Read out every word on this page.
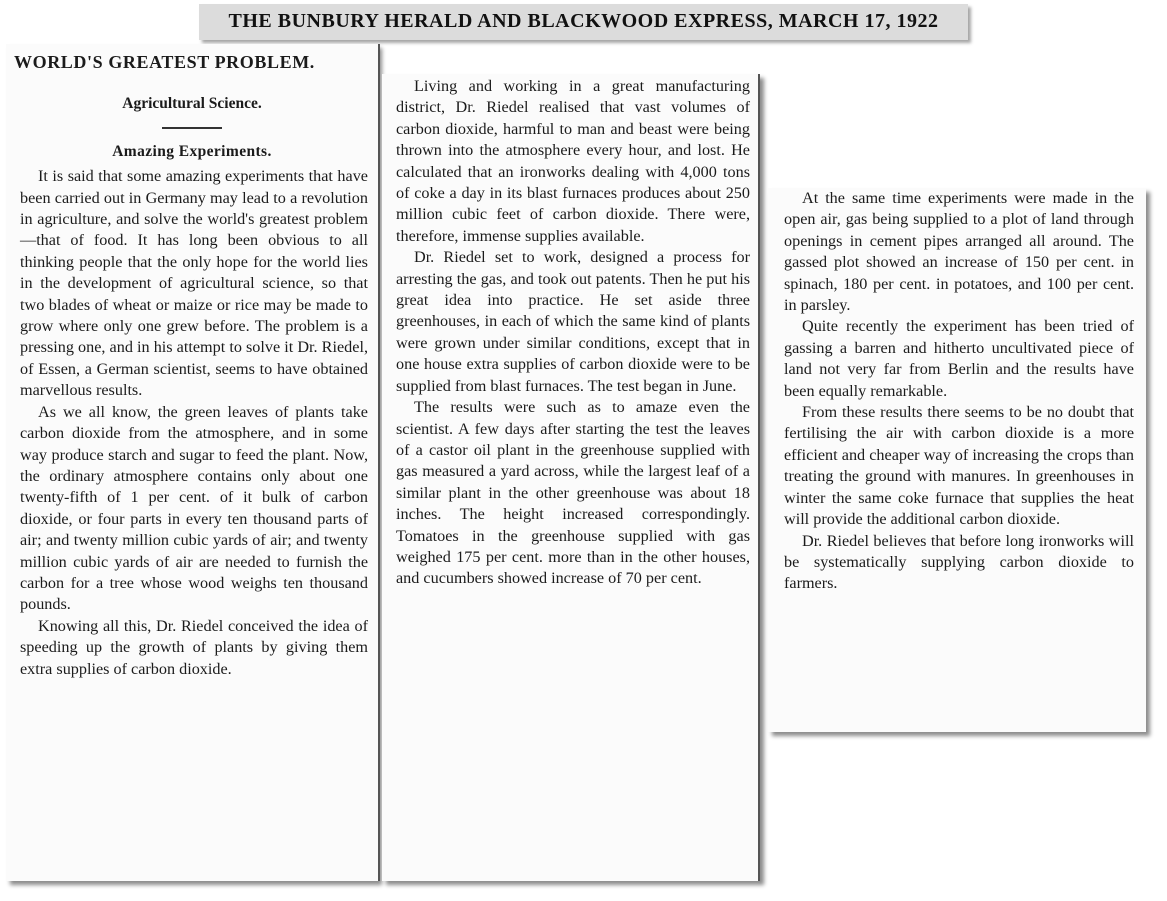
THE BUNBURY HERALD AND BLACKWOOD EXPRESS, MARCH 17, 1922
WORLD'S GREATEST PROBLEM.
Agricultural Science.
Amazing Experiments.

It is said that some amazing experiments that have been carried out in Germany may lead to a revolution in agriculture, and solve the world's greatest problem—that of food. It has long been obvious to all thinking people that the only hope for the world lies in the development of agricultural science, so that two blades of wheat or maize or rice may be made to grow where only one grew before. The problem is a pressing one, and in his attempt to solve it Dr. Riedel, of Essen, a German scientist, seems to have obtained marvellous results.

As we all know, the green leaves of plants take carbon dioxide from the atmosphere, and in some way produce starch and sugar to feed the plant. Now, the ordinary atmosphere contains only about one twenty-fifth of 1 per cent. of it bulk of carbon dioxide, or four parts in every ten thousand parts of air; and twenty million cubic yards of air; and twenty million cubic yards of air are needed to furnish the carbon for a tree whose wood weighs ten thousand pounds.

Knowing all this, Dr. Riedel conceived the idea of speeding up the growth of plants by giving them extra supplies of carbon dioxide.

Living and working in a great manufacturing district, Dr. Riedel realised that vast volumes of carbon dioxide, harmful to man and beast were being thrown into the atmosphere every hour, and lost. He calculated that an ironworks dealing with 4,000 tons of coke a day in its blast furnaces produces about 250 million cubic feet of carbon dioxide. There were, therefore, immense supplies available.

Dr. Riedel set to work, designed a process for arresting the gas, and took out patents. Then he put his great idea into practice. He set aside three greenhouses, in each of which the same kind of plants were grown under similar conditions, except that in one house extra supplies of carbon dioxide were to be supplied from blast furnaces. The test began in June.

The results were such as to amaze even the scientist. A few days after starting the test the leaves of a castor oil plant in the greenhouse supplied with gas measured a yard across, while the largest leaf of a similar plant in the other greenhouse was about 18 inches. The height increased correspondingly. Tomatoes in the greenhouse supplied with gas weighed 175 per cent. more than in the other houses, and cucumbers showed increase of 70 per cent.

At the same time experiments were made in the open air, gas being supplied to a plot of land through openings in cement pipes arranged all around. The gassed plot showed an increase of 150 per cent. in spinach, 180 per cent. in potatoes, and 100 per cent. in parsley.

Quite recently the experiment has been tried of gassing a barren and hitherto uncultivated piece of land not very far from Berlin and the results have been equally remarkable.

From these results there seems to be no doubt that fertilising the air with carbon dioxide is a more efficient and cheaper way of increasing the crops than treating the ground with manures. In greenhouses in winter the same coke furnace that supplies the heat will provide the additional carbon dioxide.

Dr. Riedel believes that before long ironworks will be systematically supplying carbon dioxide to farmers.
